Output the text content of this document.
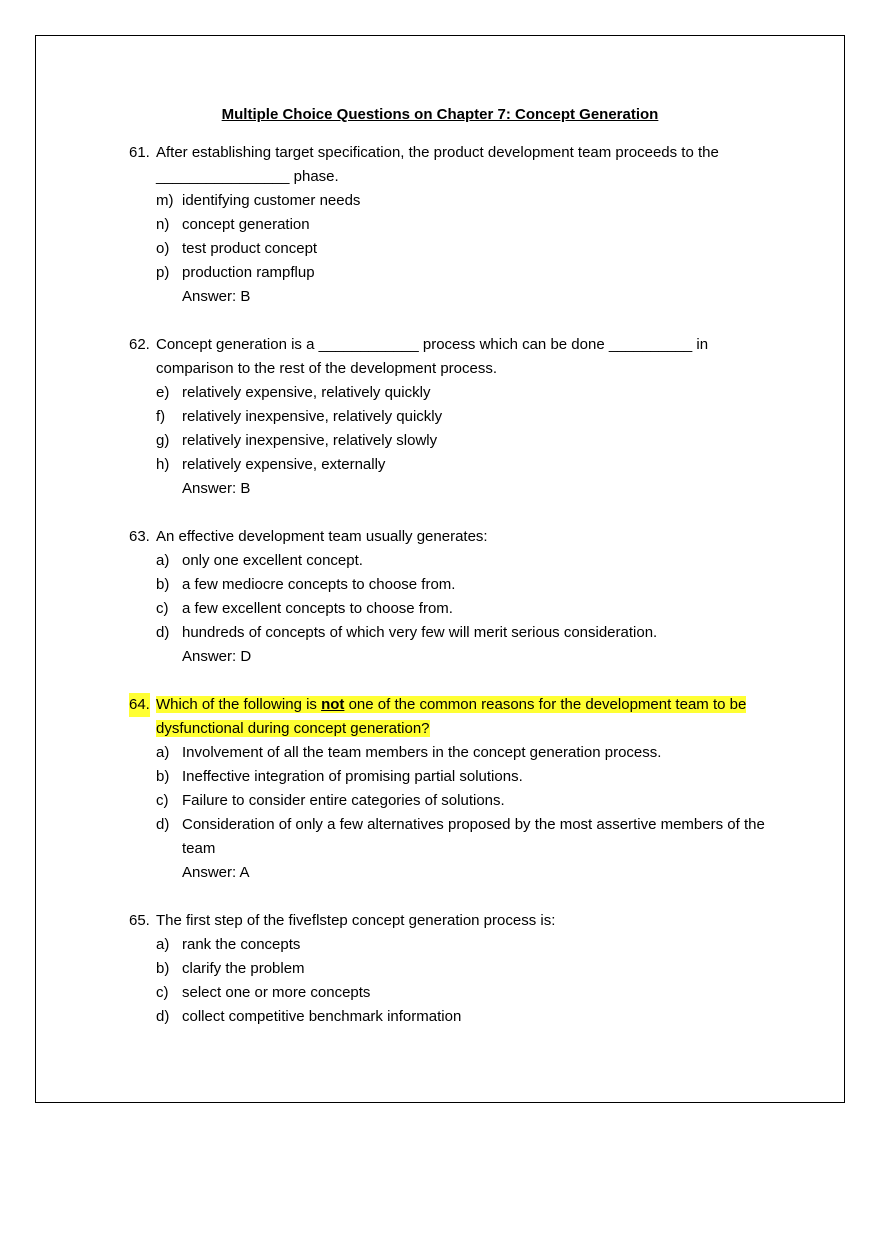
Multiple Choice Questions on Chapter 7: Concept Generation
61. After establishing target specification, the product development team proceeds to the ________________ phase.
m) identifying customer needs
n) concept generation
o) test product concept
p) production rampflup
Answer: B
62. Concept generation is a ____________ process which can be done __________ in comparison to the rest of the development process.
e) relatively expensive, relatively quickly
f) relatively inexpensive, relatively quickly
g) relatively inexpensive, relatively slowly
h) relatively expensive, externally
Answer: B
63. An effective development team usually generates:
a) only one excellent concept.
b) a few mediocre concepts to choose from.
c) a few excellent concepts to choose from.
d) hundreds of concepts of which very few will merit serious consideration.
Answer: D
64. Which of the following is not one of the common reasons for the development team to be dysfunctional during concept generation?
a) Involvement of all the team members in the concept generation process.
b) Ineffective integration of promising partial solutions.
c) Failure to consider entire categories of solutions.
d) Consideration of only a few alternatives proposed by the most assertive members of the team
Answer: A
65. The first step of the fiveflstep concept generation process is:
a) rank the concepts
b) clarify the problem
c) select one or more concepts
d) collect competitive benchmark information
